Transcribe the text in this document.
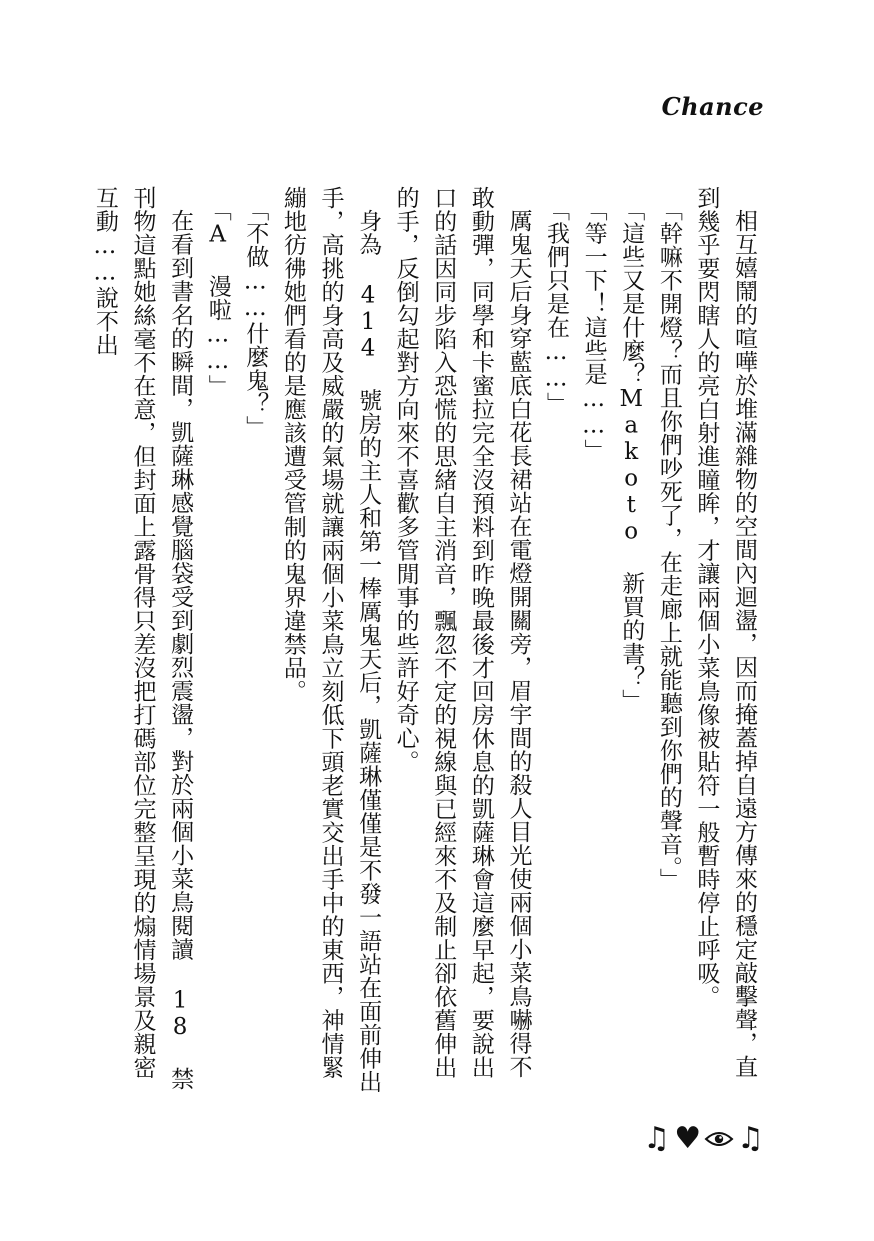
Chance

相互嬉鬧的喧嘩於堆滿雜物的空間內迴盪，因而掩蓋掉自遠方傳來的穩定敲擊聲，直到幾乎要閃瞎人的亮白射進瞳眸，才讓兩個小菜鳥像被貼符一般暫時停止呼吸。

「幹嘛不開燈？而且你們吵死了，在走廊上就能聽到你們的聲音。」

「這些又是什麼？Makoto 新買的書？」

「等一下！這些是……」

「我們只是在……」

厲鬼天后身穿藍底白花長裙站在電燈開關旁，眉宇間的殺人目光使兩個小菜鳥嚇得不敢動彈，同學和卡蜜拉完全沒預料到昨晚最後才回房休息的凱薩琳會這麼早起，要說出口的話因同步陷入恐慌的思緒自主消音，飄忽不定的視線與已經來不及制止卻依舊伸出的手，反倒勾起對方向來不喜歡多管閒事的些許好奇心。

身為 414 號房的主人和第一棒厲鬼天后，凱薩琳僅僅是不發一語站在面前伸出手，高挑的身高及威嚴的氣場就讓兩個小菜鳥立刻低下頭老實交出手中的東西，神情緊繃地彷彿她們看的是應該遭受管制的鬼界違禁品。

「不做……什麼鬼？」

「A 漫啦……」

在看到書名的瞬間，凱薩琳感覺腦袋受到劇烈震盪，對於兩個小菜鳥閱讀 18 禁刊物這點她絲毫不在意，但封面上露骨得只差沒把打碼部位完整呈現的煽情場景及親密互動……說不出

♫ ♥ ♫
